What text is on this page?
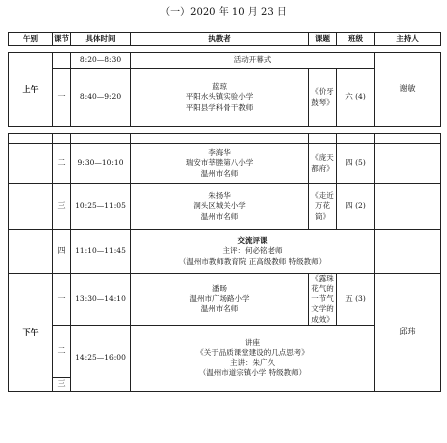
（一）2020 年 10 月 23 日
午别	课节	具体时间	执教者	课题	班级	主持人

上午		8:20—8:30	活动开幕式			谢敏
	一	8:40—9:20	蓝琼
平阳水头镇实验小学
平阳县学科骨干教师	《价牙鼓琴》	六 (4)	

	二	9:30—10:10	李海华
瑞安市莘塍第八小学
温州市名师	《庞天都府》	四 (5)	
	三	10:25—11:05	朱扬华
洞头区城关小学
温州市名师	《走近万花筒》	四 (2)	
	四	11:10—11:45	交流评课
主评：何必铭老师
（温州市教师教育院 正高级教师 特级教师）			

下午	一	13:30—14:10	潘旸
温州市广场路小学
温州市名师	《露珠花气的一节气文学的成效》	五 (3)	邱玮
	二	14:25—16:00	讲座
《关于品质课堂建设的几点思考》
主讲：朱广久
（温州市道宗镇小学 特级教师）			

	三					
